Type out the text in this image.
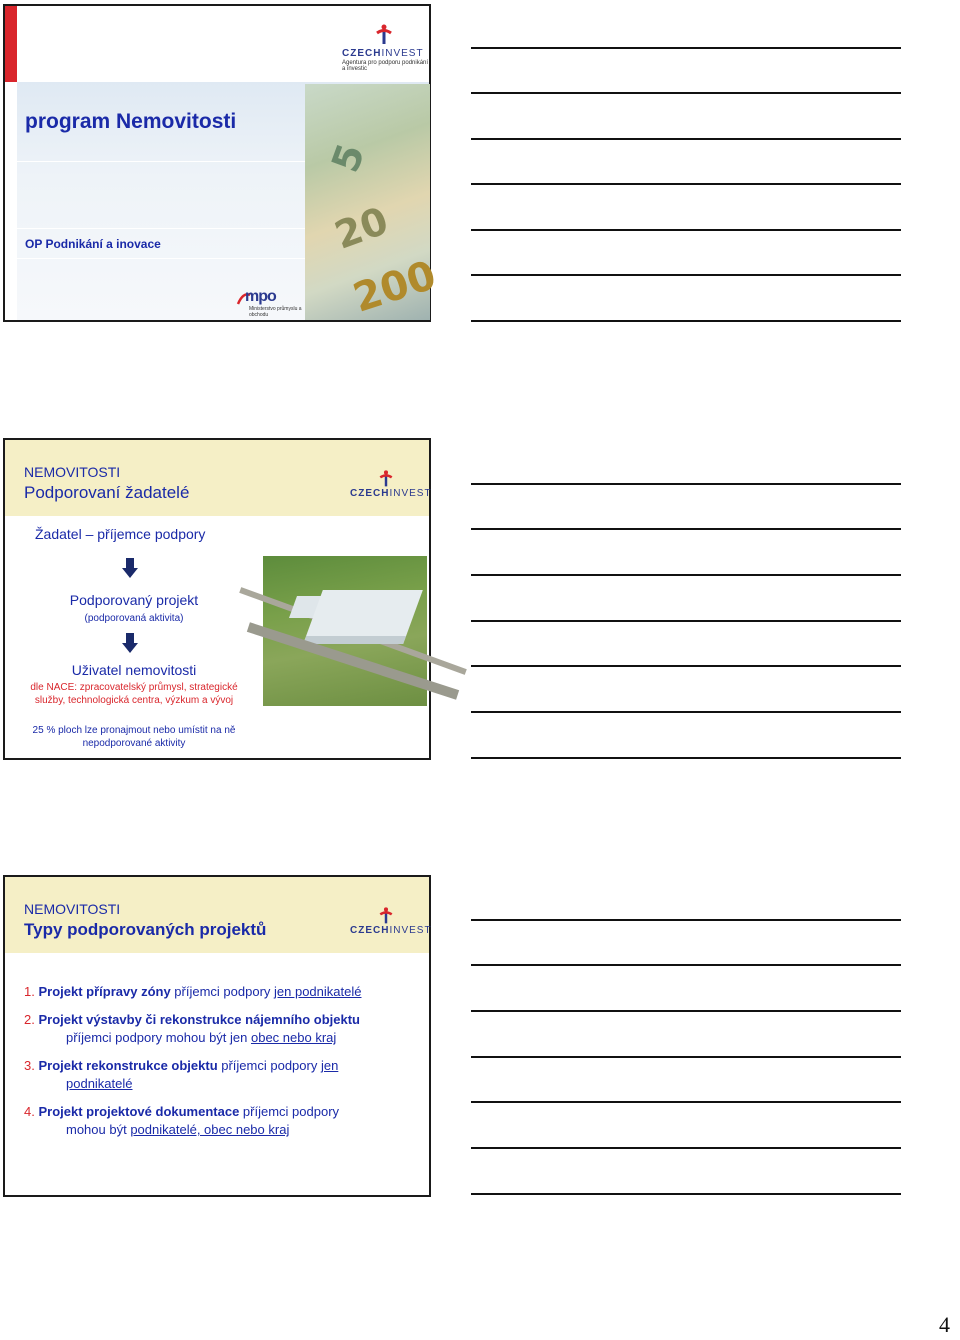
5
20
200
CZECHINVEST
Agentura pro podporu podnikání a investic
program Nemovitosti
OP Podnikání a inovace
mpo
Ministerstvo průmyslu a obchodu
NEMOVITOSTI
Podporovaní žadatelé	CZECHINVEST
Žadatel – příjemce podpory
Podporovaný projekt
(podporovaná aktivita)
Uživatel nemovitosti
dle NACE: zpracovatelský průmysl, strategické služby, technologická centra, výzkum a vývoj
25 % ploch lze pronajmout nebo umístit na ně nepodporované aktivity
NEMOVITOSTI
Typy podporovaných projektů	CZECHINVEST
1. Projekt přípravy zóny příjemci podpory jen podnikatelé
2. Projekt výstavby či rekonstrukce nájemního objektu
příjemci podpory mohou být jen obec nebo kraj
3. Projekt rekonstrukce objektu příjemci podpory jen
podnikatelé
4. Projekt projektové dokumentace příjemci podpory
mohou být podnikatelé, obec nebo kraj
4
